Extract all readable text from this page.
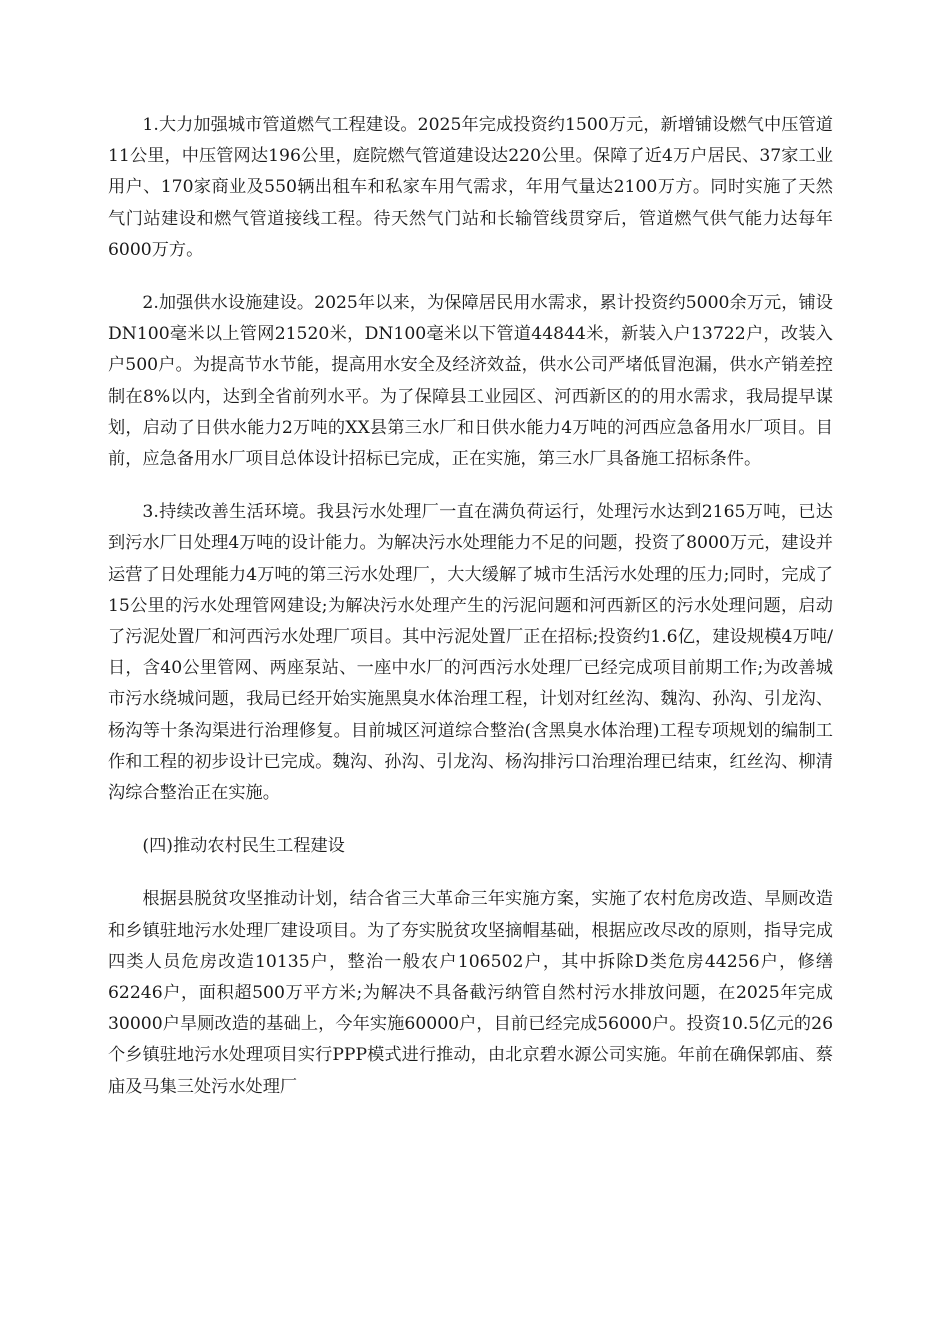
1.大力加强城市管道燃气工程建设。2025年完成投资约1500万元，新增铺设燃气中压管道11公里，中压管网达196公里，庭院燃气管道建设达220公里。保障了近4万户居民、37家工业用户、170家商业及550辆出租车和私家车用气需求，年用气量达2100万方。同时实施了天然气门站建设和燃气管道接线工程。待天然气门站和长输管线贯穿后，管道燃气供气能力达每年6000万方。

2.加强供水设施建设。2025年以来，为保障居民用水需求，累计投资约5000余万元，铺设DN100毫米以上管网21520米，DN100毫米以下管道44844米，新装入户13722户，改装入户500户。为提高节水节能，提高用水安全及经济效益，供水公司严堵低冒泡漏，供水产销差控制在8%以内，达到全省前列水平。为了保障县工业园区、河西新区的的用水需求，我局提早谋划，启动了日供水能力2万吨的XX县第三水厂和日供水能力4万吨的河西应急备用水厂项目。目前，应急备用水厂项目总体设计招标已完成，正在实施，第三水厂具备施工招标条件。

3.持续改善生活环境。我县污水处理厂一直在满负荷运行，处理污水达到2165万吨，已达到污水厂日处理4万吨的设计能力。为解决污水处理能力不足的问题，投资了8000万元，建设并运营了日处理能力4万吨的第三污水处理厂，大大缓解了城市生活污水处理的压力;同时，完成了15公里的污水处理管网建设;为解决污水处理产生的污泥问题和河西新区的污水处理问题，启动了污泥处置厂和河西污水处理厂项目。其中污泥处置厂正在招标;投资约1.6亿，建设规模4万吨/日，含40公里管网、两座泵站、一座中水厂的河西污水处理厂已经完成项目前期工作;为改善城市污水绕城问题，我局已经开始实施黑臭水体治理工程，计划对红丝沟、魏沟、孙沟、引龙沟、杨沟等十条沟渠进行治理修复。目前城区河道综合整治(含黑臭水体治理)工程专项规划的编制工作和工程的初步设计已完成。魏沟、孙沟、引龙沟、杨沟排污口治理治理已结束，红丝沟、柳清沟综合整治正在实施。

(四)推动农村民生工程建设

根据县脱贫攻坚推动计划，结合省三大革命三年实施方案，实施了农村危房改造、旱厕改造和乡镇驻地污水处理厂建设项目。为了夯实脱贫攻坚摘帽基础，根据应改尽改的原则，指导完成四类人员危房改造10135户，整治一般农户106502户，其中拆除D类危房44256户，修缮62246户，面积超500万平方米;为解决不具备截污纳管自然村污水排放问题，在2025年完成30000户旱厕改造的基础上，今年实施60000户，目前已经完成56000户。投资10.5亿元的26个乡镇驻地污水处理项目实行PPP模式进行推动，由北京碧水源公司实施。年前在确保郭庙、蔡庙及马集三处污水处理厂
